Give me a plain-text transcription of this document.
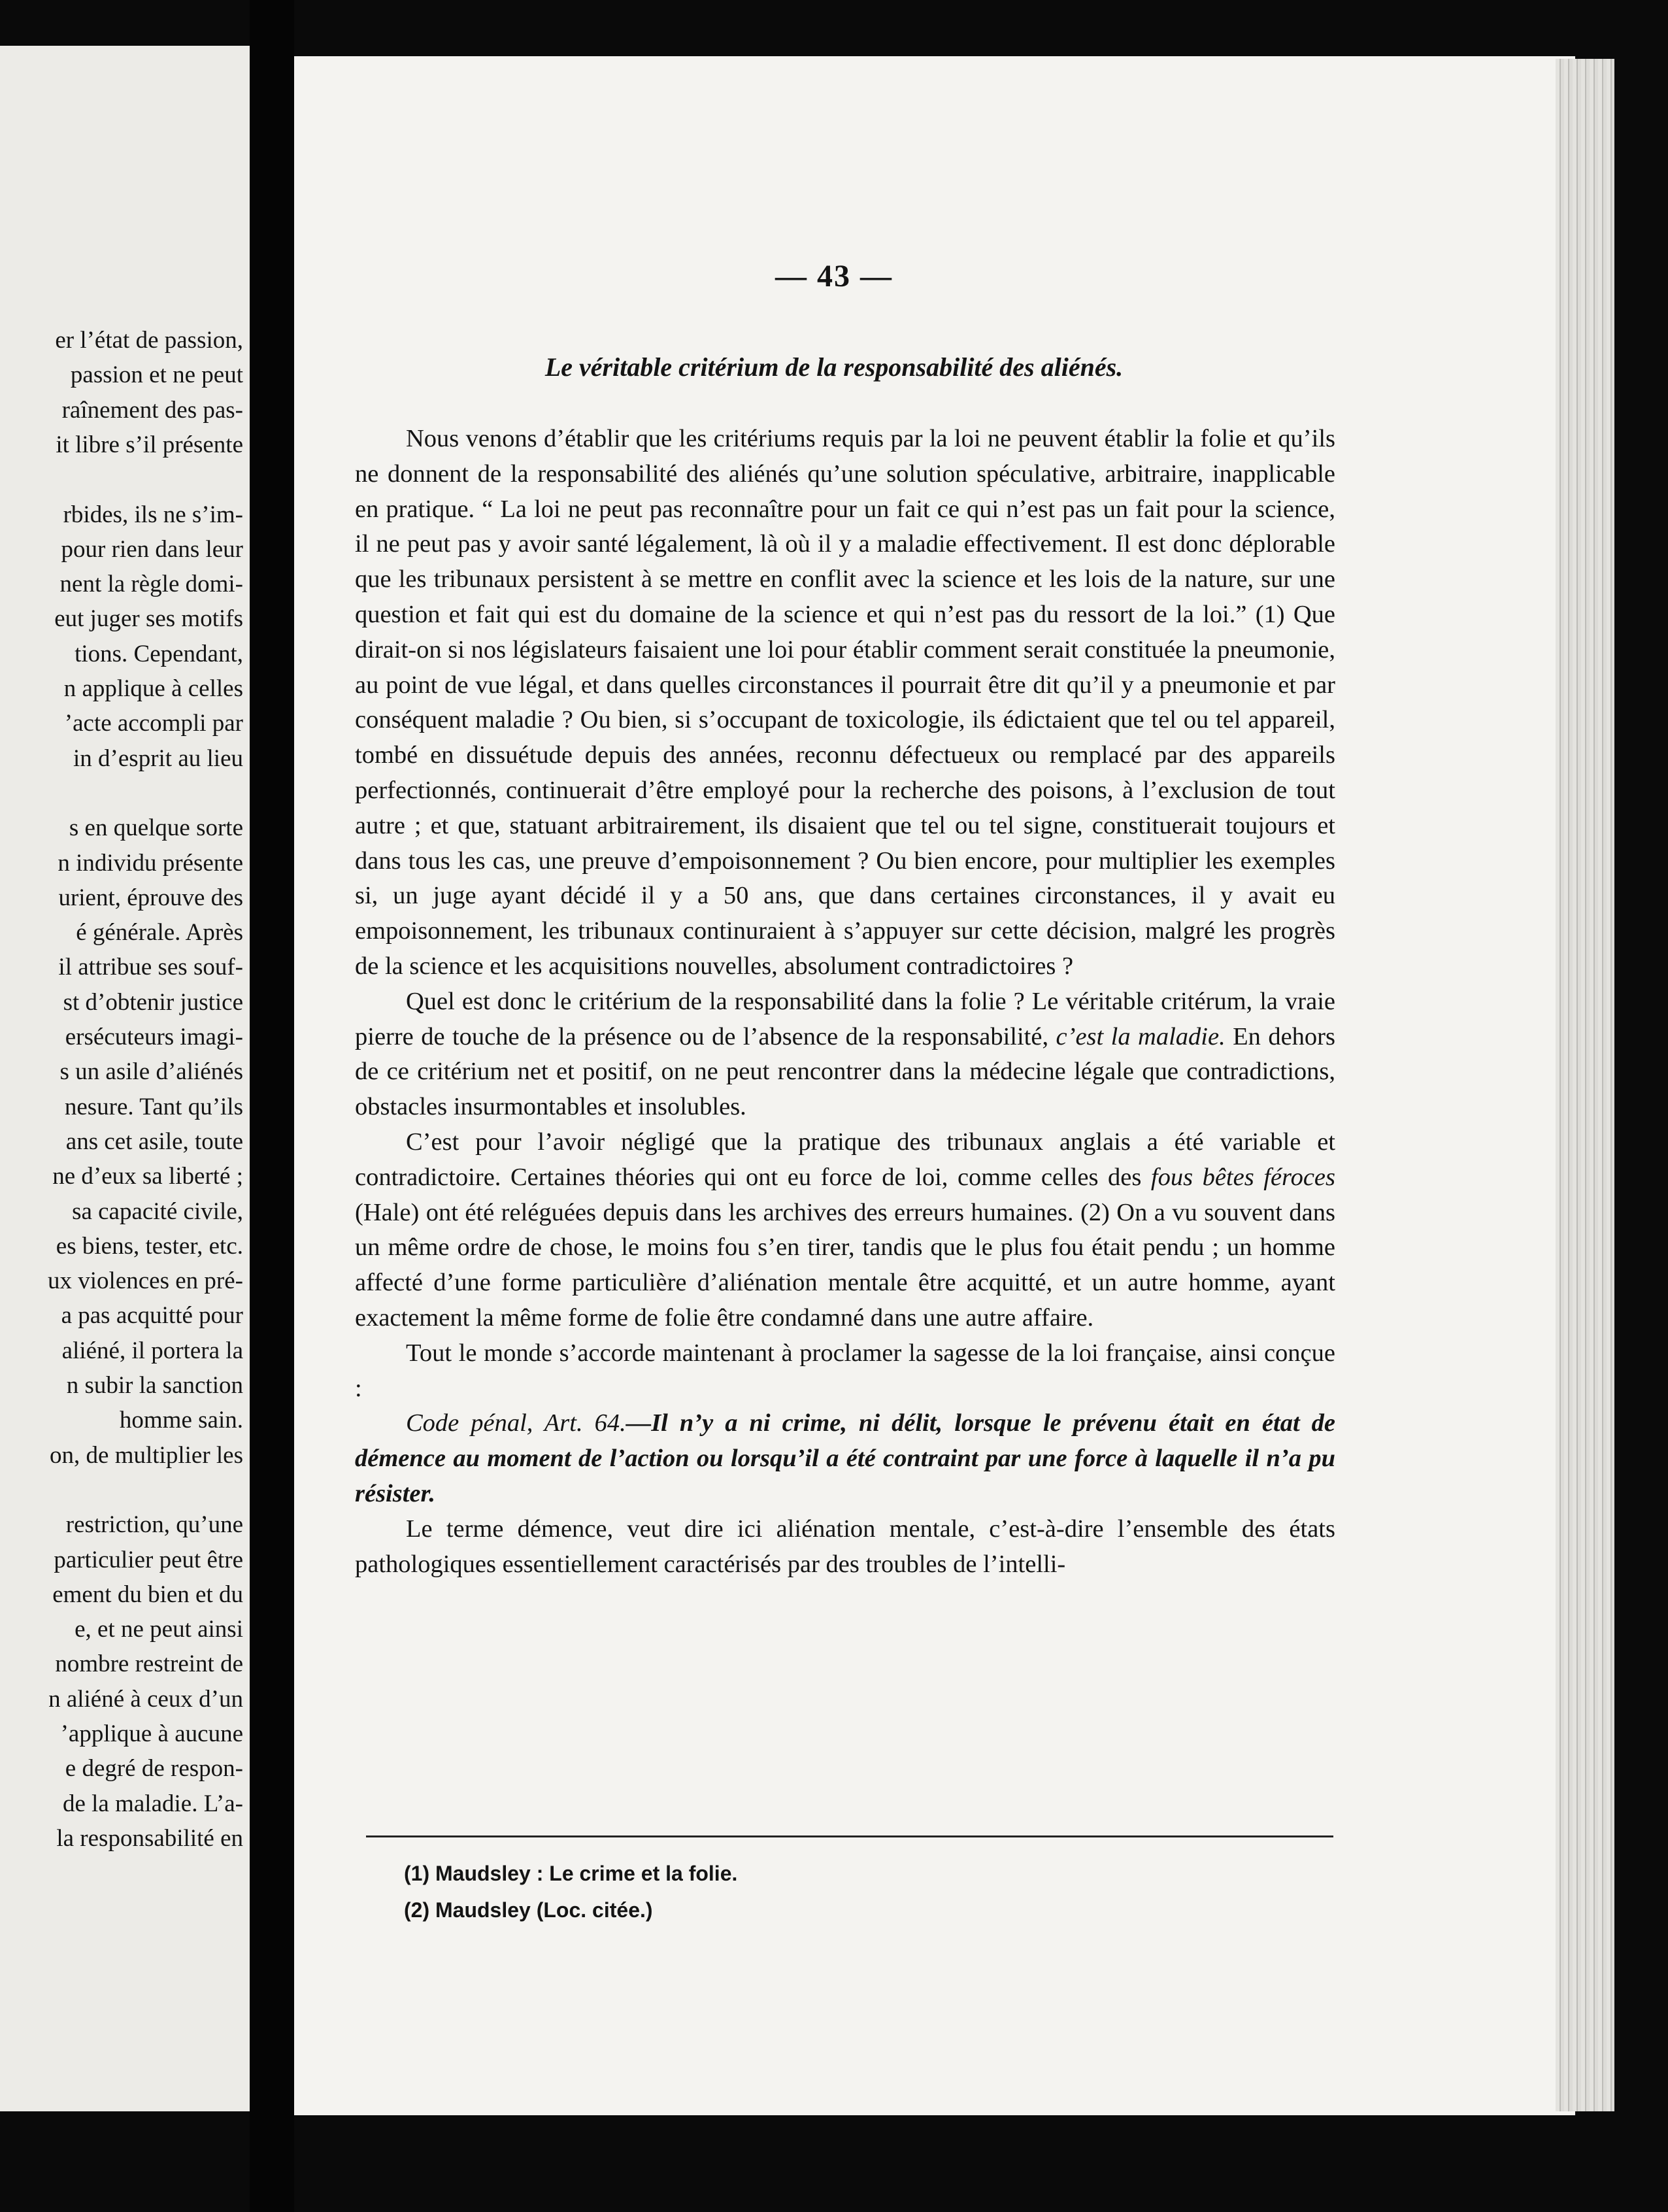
er l’état de passion,
passion et ne peut
raînement des pas-
it libre s’il présente
rbides, ils ne s’im-
pour rien dans leur
nent la règle domi-
eut juger ses motifs
tions. Cependant,
n applique à celles
’acte accompli par
in d’esprit au lieu
s en quelque sorte
n individu présente
urient, éprouve des
é générale. Après
il attribue ses souf-
st d’obtenir justice
ersécuteurs imagi-
s un asile d’aliénés
nesure. Tant qu’ils
ans cet asile, toute
ne d’eux sa liberté ;
sa capacité civile,
es biens, tester, etc.
ux violences en pré-
a pas acquitté pour
aliéné, il portera la
n subir la sanction
homme sain.
on, de multiplier les
restriction, qu’une
particulier peut être
ement du bien et du
e, et ne peut ainsi
nombre restreint de
n aliéné à ceux d’un
’applique à aucune
e degré de respon-
de la maladie. L’a-
la responsabilité en
— 43 —
Le véritable critérium de la responsabilité des aliénés.

Nous venons d’établir que les critériums requis par la loi ne peuvent établir la folie et qu’ils ne donnent de la responsabilité des aliénés qu’une solution spéculative, arbitraire, inapplicable en pratique. “ La loi ne peut pas reconnaître pour un fait ce qui n’est pas un fait pour la science, il ne peut pas y avoir santé légalement, là où il y a maladie effectivement. Il est donc déplorable que les tribunaux persistent à se mettre en conflit avec la science et les lois de la nature, sur une question et fait qui est du domaine de la science et qui n’est pas du ressort de la loi.” (1) Que dirait-on si nos législateurs faisaient une loi pour établir comment serait constituée la pneumonie, au point de vue légal, et dans quelles circonstances il pourrait être dit qu’il y a pneumonie et par conséquent maladie ? Ou bien, si s’occupant de toxicologie, ils édictaient que tel ou tel appareil, tombé en dissuétude depuis des années, reconnu défectueux ou remplacé par des appareils perfectionnés, continuerait d’être employé pour la recherche des poisons, à l’exclusion de tout autre ; et que, statuant arbitrairement, ils disaient que tel ou tel signe, constituerait toujours et dans tous les cas, une preuve d’empoisonnement ? Ou bien encore, pour multiplier les exemples si, un juge ayant décidé il y a 50 ans, que dans certaines circonstances, il y avait eu empoisonnement, les tribunaux continuraient à s’appuyer sur cette décision, malgré les progrès de la science et les acquisitions nouvelles, absolument contradictoires ?

Quel est donc le critérium de la responsabilité dans la folie ? Le véritable critérum, la vraie pierre de touche de la présence ou de l’absence de la responsabilité, c’est la maladie. En dehors de ce critérium net et positif, on ne peut rencontrer dans la médecine légale que contradictions, obstacles insurmontables et insolubles.

C’est pour l’avoir négligé que la pratique des tribunaux anglais a été variable et contradictoire. Certaines théories qui ont eu force de loi, comme celles des fous bêtes féroces (Hale) ont été reléguées depuis dans les archives des erreurs humaines. (2) On a vu souvent dans un même ordre de chose, le moins fou s’en tirer, tandis que le plus fou était pendu ; un homme affecté d’une forme particulière d’aliénation mentale être acquitté, et un autre homme, ayant exactement la même forme de folie être condamné dans une autre affaire.

Tout le monde s’accorde maintenant à proclamer la sagesse de la loi française, ainsi conçue :

Code pénal, Art. 64.—Il n’y a ni crime, ni délit, lorsque le prévenu était en état de démence au moment de l’action ou lorsqu’il a été contraint par une force à laquelle il n’a pu résister.

Le terme démence, veut dire ici aliénation mentale, c’est-à-dire l’ensemble des états pathologiques essentiellement caractérisés par des troubles de l’intelli-

(1) Maudsley : Le crime et la folie.
(2) Maudsley (Loc. citée.)
